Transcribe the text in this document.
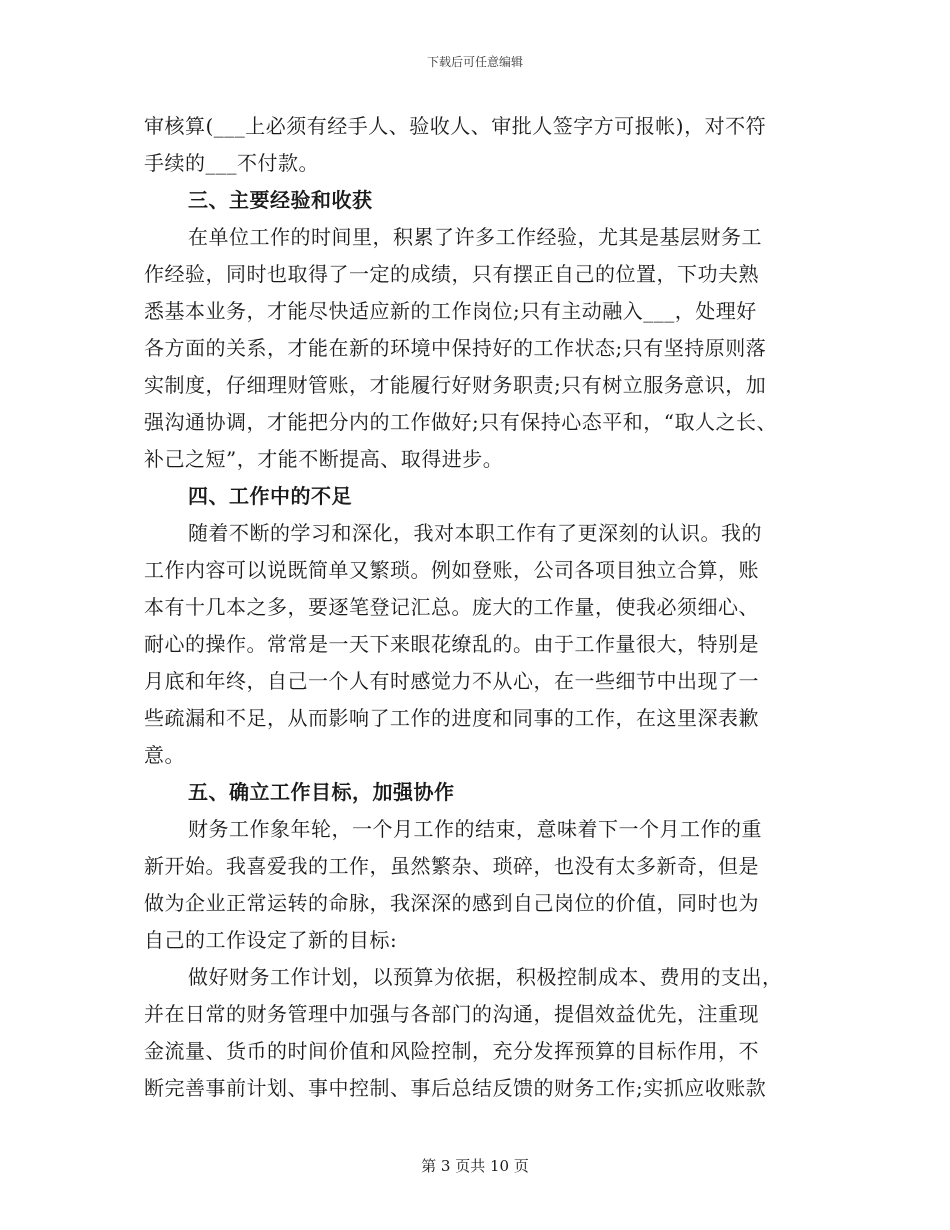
下载后可任意编辑
审核算(___上必须有经手人、验收人、审批人签字方可报帐)，对不符
手续的___不付款。
三、主要经验和收获
在单位工作的时间里，积累了许多工作经验，尤其是基层财务工
作经验，同时也取得了一定的成绩，只有摆正自己的位置，下功夫熟
悉基本业务，才能尽快适应新的工作岗位;只有主动融入___，处理好
各方面的关系，才能在新的环境中保持好的工作状态;只有坚持原则落
实制度，仔细理财管账，才能履行好财务职责;只有树立服务意识，加
强沟通协调，才能把分内的工作做好;只有保持心态平和，“取人之长、
补己之短”，才能不断提高、取得进步。
四、工作中的不足
随着不断的学习和深化，我对本职工作有了更深刻的认识。我的
工作内容可以说既简单又繁琐。例如登账，公司各项目独立合算，账
本有十几本之多，要逐笔登记汇总。庞大的工作量，使我必须细心、
耐心的操作。常常是一天下来眼花缭乱的。由于工作量很大，特别是
月底和年终，自己一个人有时感觉力不从心，在一些细节中出现了一
些疏漏和不足，从而影响了工作的进度和同事的工作，在这里深表歉
意。
五、确立工作目标，加强协作
财务工作象年轮，一个月工作的结束，意味着下一个月工作的重
新开始。我喜爱我的工作，虽然繁杂、琐碎，也没有太多新奇，但是
做为企业正常运转的命脉，我深深的感到自己岗位的价值，同时也为
自己的工作设定了新的目标:
做好财务工作计划，以预算为依据，积极控制成本、费用的支出，
并在日常的财务管理中加强与各部门的沟通，提倡效益优先，注重现
金流量、货币的时间价值和风险控制，充分发挥预算的目标作用，不
断完善事前计划、事中控制、事后总结反馈的财务工作;实抓应收账款
第 3 页共 10 页
